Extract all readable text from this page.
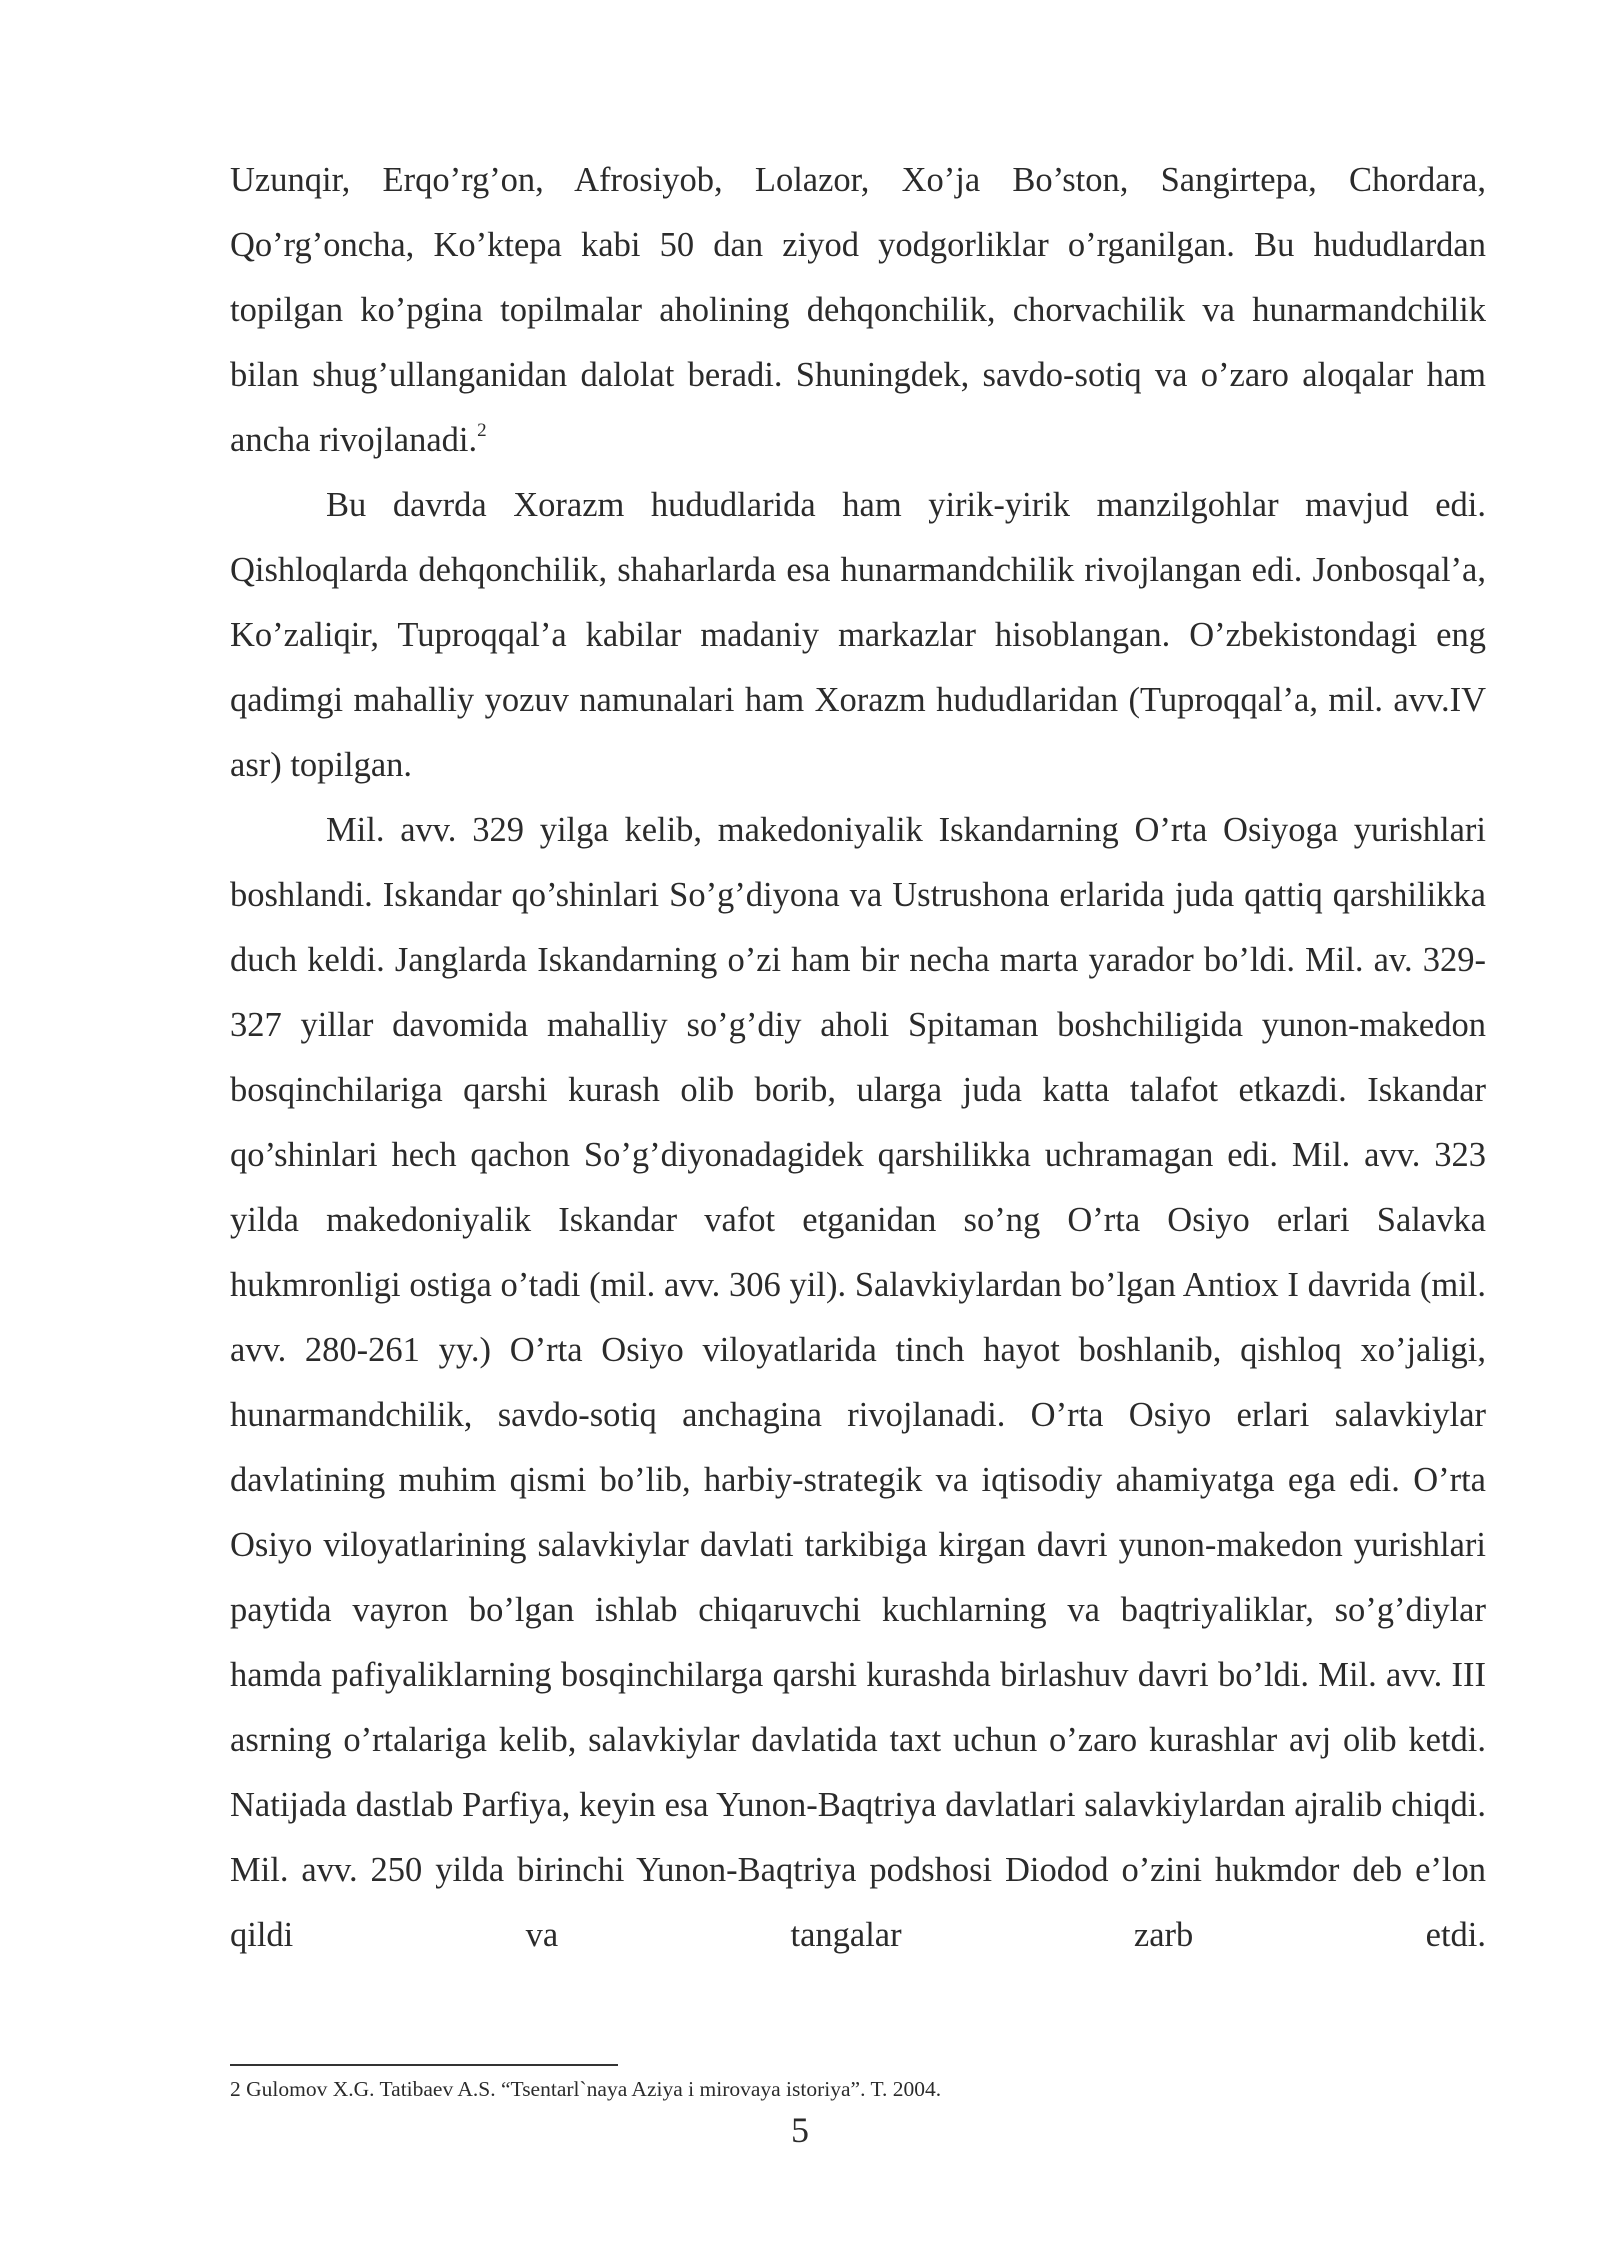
Uzunqir, Erqo’rg’on, Afrosiyob, Lolazor, Xo’ja Bo’ston, Sangirtepa, Chordara, Qo’rg’oncha, Ko’ktepa kabi 50 dan ziyod yodgorliklar o’rganilgan. Bu hududlardan topilgan ko’pgina topilmalar aholining dehqonchilik, chorvachilik va hunarmandchilik bilan shug’ullanganidan dalolat beradi. Shuningdek, savdo-sotiq va o’zaro aloqalar ham ancha rivojlanadi.$^2$

Bu davrda Xorazm hududlarida ham yirik-yirik manzilgohlar mavjud edi. Qishloqlarda dehqonchilik, shaharlarda esa hunarmandchilik rivojlangan edi. Jonbosqal’a, Ko’zaliqir, Tuproqqal’a kabilar madaniy markazlar hisoblangan. O’zbekistondagi eng qadimgi mahalliy yozuv namunalari ham Xorazm hududlaridan (Tuproqqal’a, mil. avv.IV asr) topilgan.

Mil. avv. 329 yilga kelib, makedoniyalik Iskandarning O’rta Osiyoga yurishlari boshlandi. Iskandar qo’shinlari So’g’diyona va Ustrushona erlarida juda qattiq qarshilikka duch keldi. Janglarda Iskandarning o’zi ham bir necha marta yarador bo’ldi. Mil. av. 329-327 yillar davomida mahalliy so’g’diy aholi Spitaman boshchiligida yunon-makedon bosqinchilariga qarshi kurash olib borib, ularga juda katta talafot etkazdi. Iskandar qo’shinlari hech qachon So’g’diyonadagidek qarshilikka uchramagan edi. Mil. avv. 323 yilda makedoniyalik Iskandar vafot etganidan so’ng O’rta Osiyo erlari Salavka hukmronligi ostiga o’tadi (mil. avv. 306 yil). Salavkiylardan bo’lgan Antiox I davrida (mil. avv. 280-261 yy.) O’rta Osiyo viloyatlarida tinch hayot boshlanib, qishloq xo’jaligi, hunarmandchilik, savdo-sotiq anchagina rivojlanadi. O’rta Osiyo erlari salavkiylar davlatining muhim qismi bo’lib, harbiy-strategik va iqtisodiy ahamiyatga ega edi. O’rta Osiyo viloyatlarining salavkiylar davlati tarkibiga kirgan davri yunon-makedon yurishlari paytida vayron bo’lgan ishlab chiqaruvchi kuchlarning va baqtriyaliklar, so’g’diylar hamda pafiyaliklarning bosqinchilarga qarshi kurashda birlashuv davri bo’ldi. Mil. avv. III asrning o’rtalariga kelib, salavkiylar davlatida taxt uchun o’zaro kurashlar avj olib ketdi. Natijada dastlab Parfiya, keyin esa Yunon-Baqtriya davlatlari salavkiylardan ajralib chiqdi. Mil. avv. 250 yilda birinchi Yunon-Baqtriya podshosi Diodod o’zini hukmdor deb e’lon qildi va tangalar zarb etdi.

2 Gulomov X.G. Tatibaev A.S. “Tsentarl`naya Aziya i mirovaya istoriya”. T. 2004.
5
